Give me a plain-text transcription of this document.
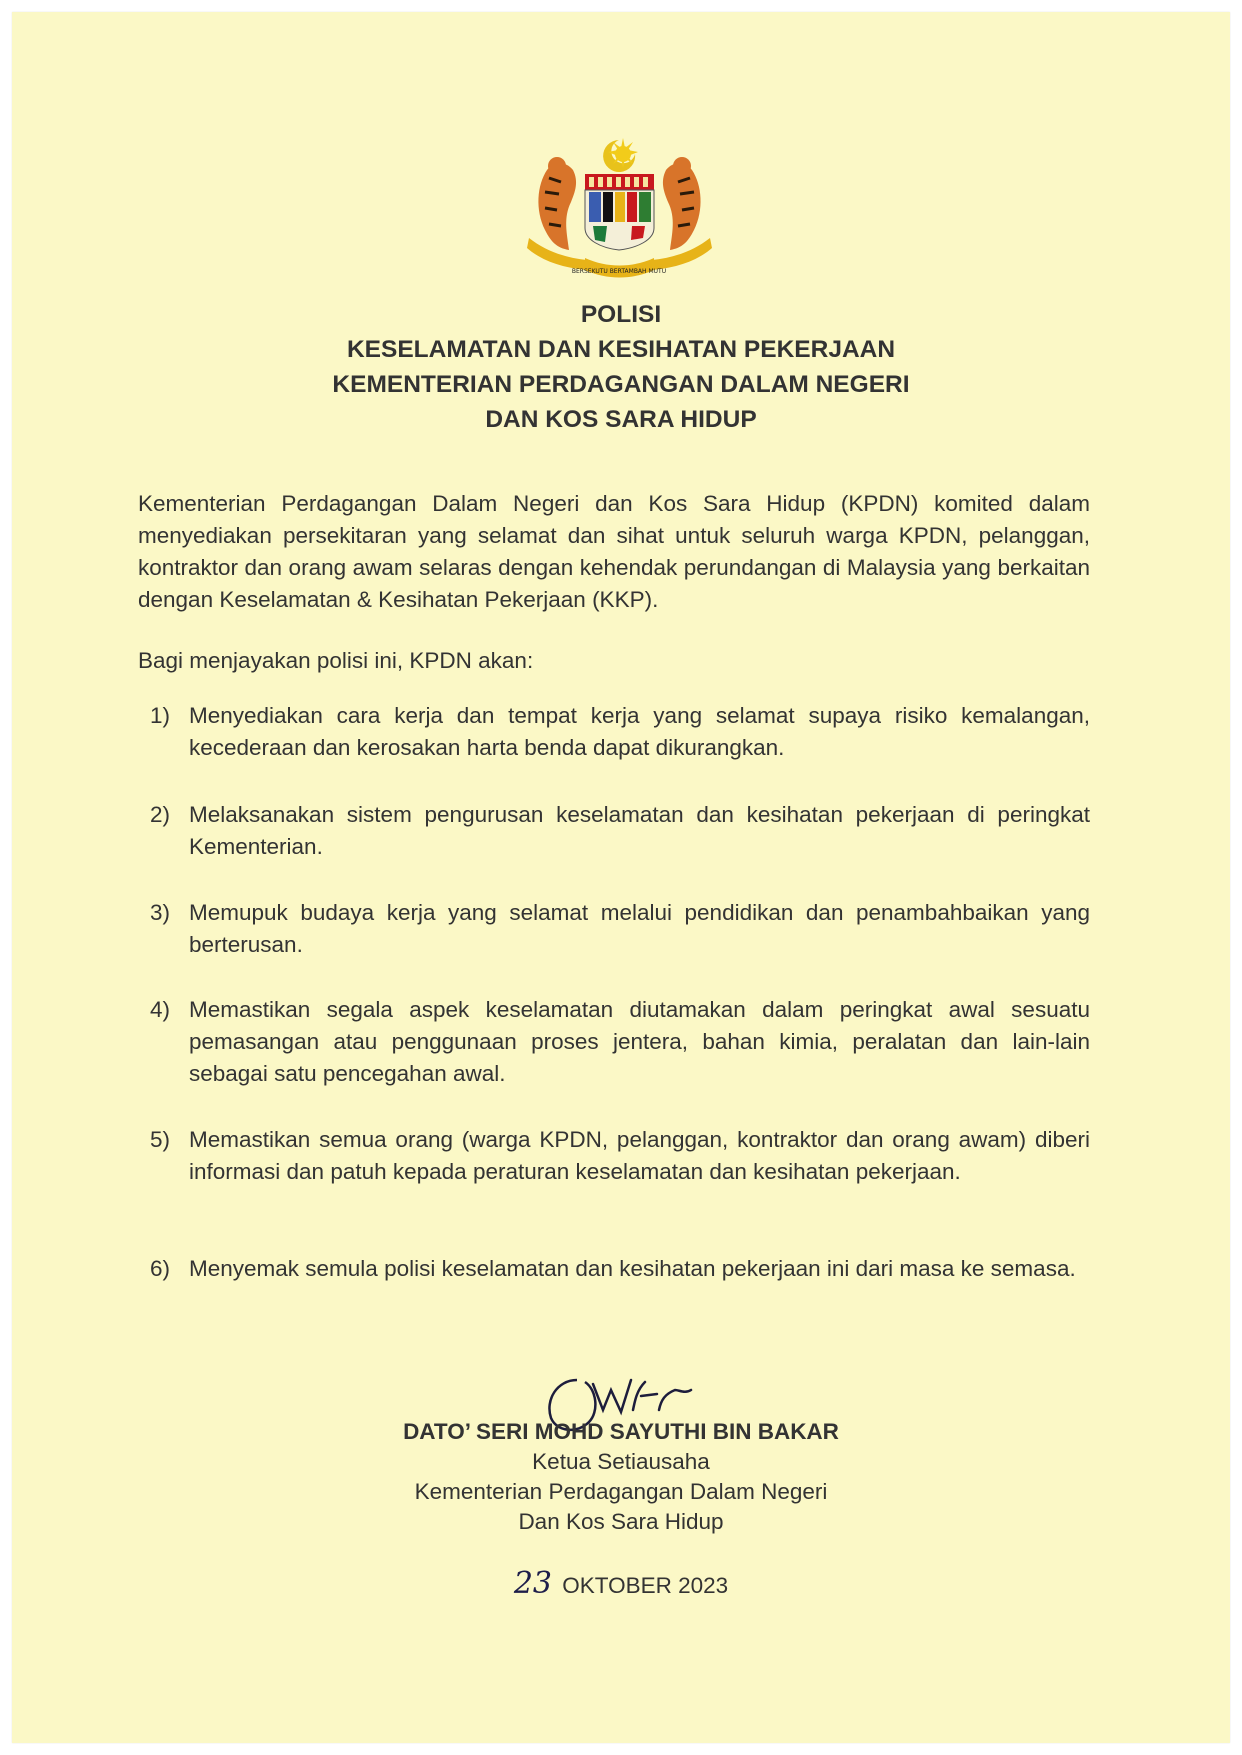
BERSEKUTU BERTAMBAH MUTU
POLISI
KESELAMATAN DAN KESIHATAN PEKERJAAN
KEMENTERIAN PERDAGANGAN DALAM NEGERI
DAN KOS SARA HIDUP
Kementerian Perdagangan Dalam Negeri dan Kos Sara Hidup (KPDN) komited dalam menyediakan persekitaran yang selamat dan sihat untuk seluruh warga KPDN, pelanggan, kontraktor dan orang awam selaras dengan kehendak perundangan di Malaysia yang berkaitan dengan Keselamatan & Kesihatan Pekerjaan (KKP).
Bagi menjayakan polisi ini, KPDN akan:
1) Menyediakan cara kerja dan tempat kerja yang selamat supaya risiko kemalangan, kecederaan dan kerosakan harta benda dapat dikurangkan.
2) Melaksanakan sistem pengurusan keselamatan dan kesihatan pekerjaan di peringkat Kementerian.
3) Memupuk budaya kerja yang selamat melalui pendidikan dan penambahbaikan yang berterusan.
4) Memastikan segala aspek keselamatan diutamakan dalam peringkat awal sesuatu pemasangan atau penggunaan proses jentera, bahan kimia, peralatan dan lain-lain sebagai satu pencegahan awal.
5) Memastikan semua orang (warga KPDN, pelanggan, kontraktor dan orang awam) diberi informasi dan patuh kepada peraturan keselamatan dan kesihatan pekerjaan.
6) Menyemak semula polisi keselamatan dan kesihatan pekerjaan ini dari masa ke semasa.
DATO’ SERI MOHD SAYUTHI BIN BAKAR
Ketua Setiausaha
Kementerian Perdagangan Dalam Negeri
Dan Kos Sara Hidup
23 OKTOBER 2023
